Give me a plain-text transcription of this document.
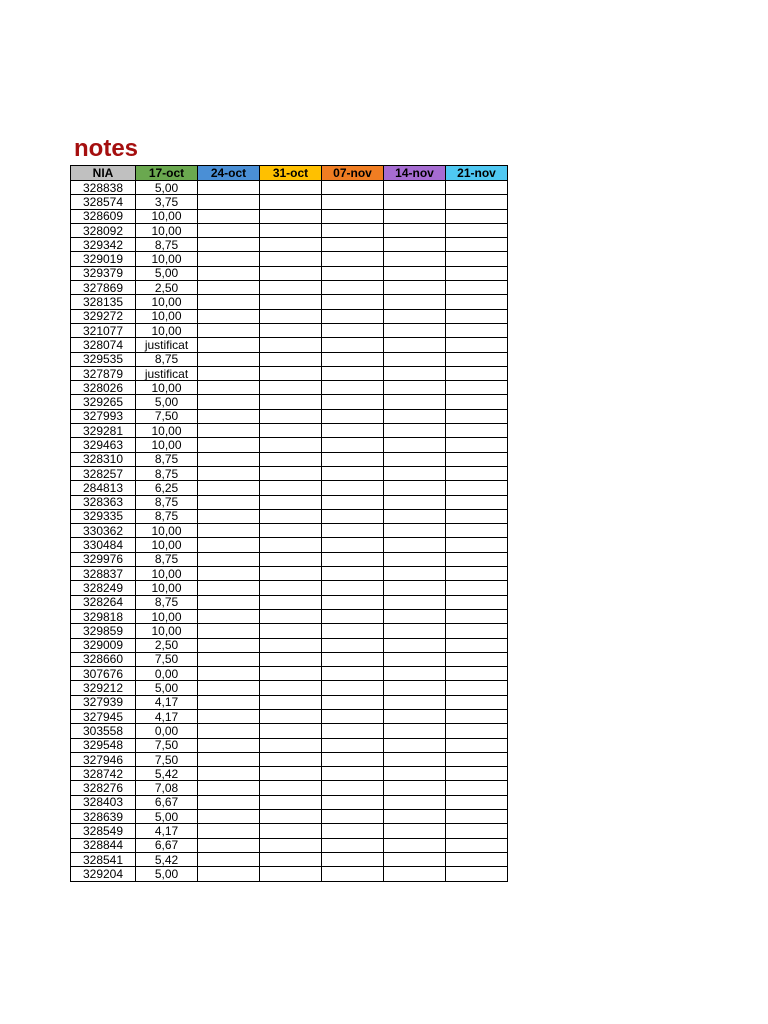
notes
NIA	17-oct	24-oct	31-oct	07-nov	14-nov	21-nov
328838	5,00					
328574	3,75					
328609	10,00					
328092	10,00					
329342	8,75					
329019	10,00					
329379	5,00					
327869	2,50					
328135	10,00					
329272	10,00					
321077	10,00					
328074	justificat					
329535	8,75					
327879	justificat					
328026	10,00					
329265	5,00					
327993	7,50					
329281	10,00					
329463	10,00					
328310	8,75					
328257	8,75					
284813	6,25					
328363	8,75					
329335	8,75					
330362	10,00					
330484	10,00					
329976	8,75					
328837	10,00					
328249	10,00					
328264	8,75					
329818	10,00					
329859	10,00					
329009	2,50					
328660	7,50					
307676	0,00					
329212	5,00					
327939	4,17					
327945	4,17					
303558	0,00					
329548	7,50					
327946	7,50					
328742	5,42					
328276	7,08					
328403	6,67					
328639	5,00					
328549	4,17					
328844	6,67					
328541	5,42					
329204	5,00					
